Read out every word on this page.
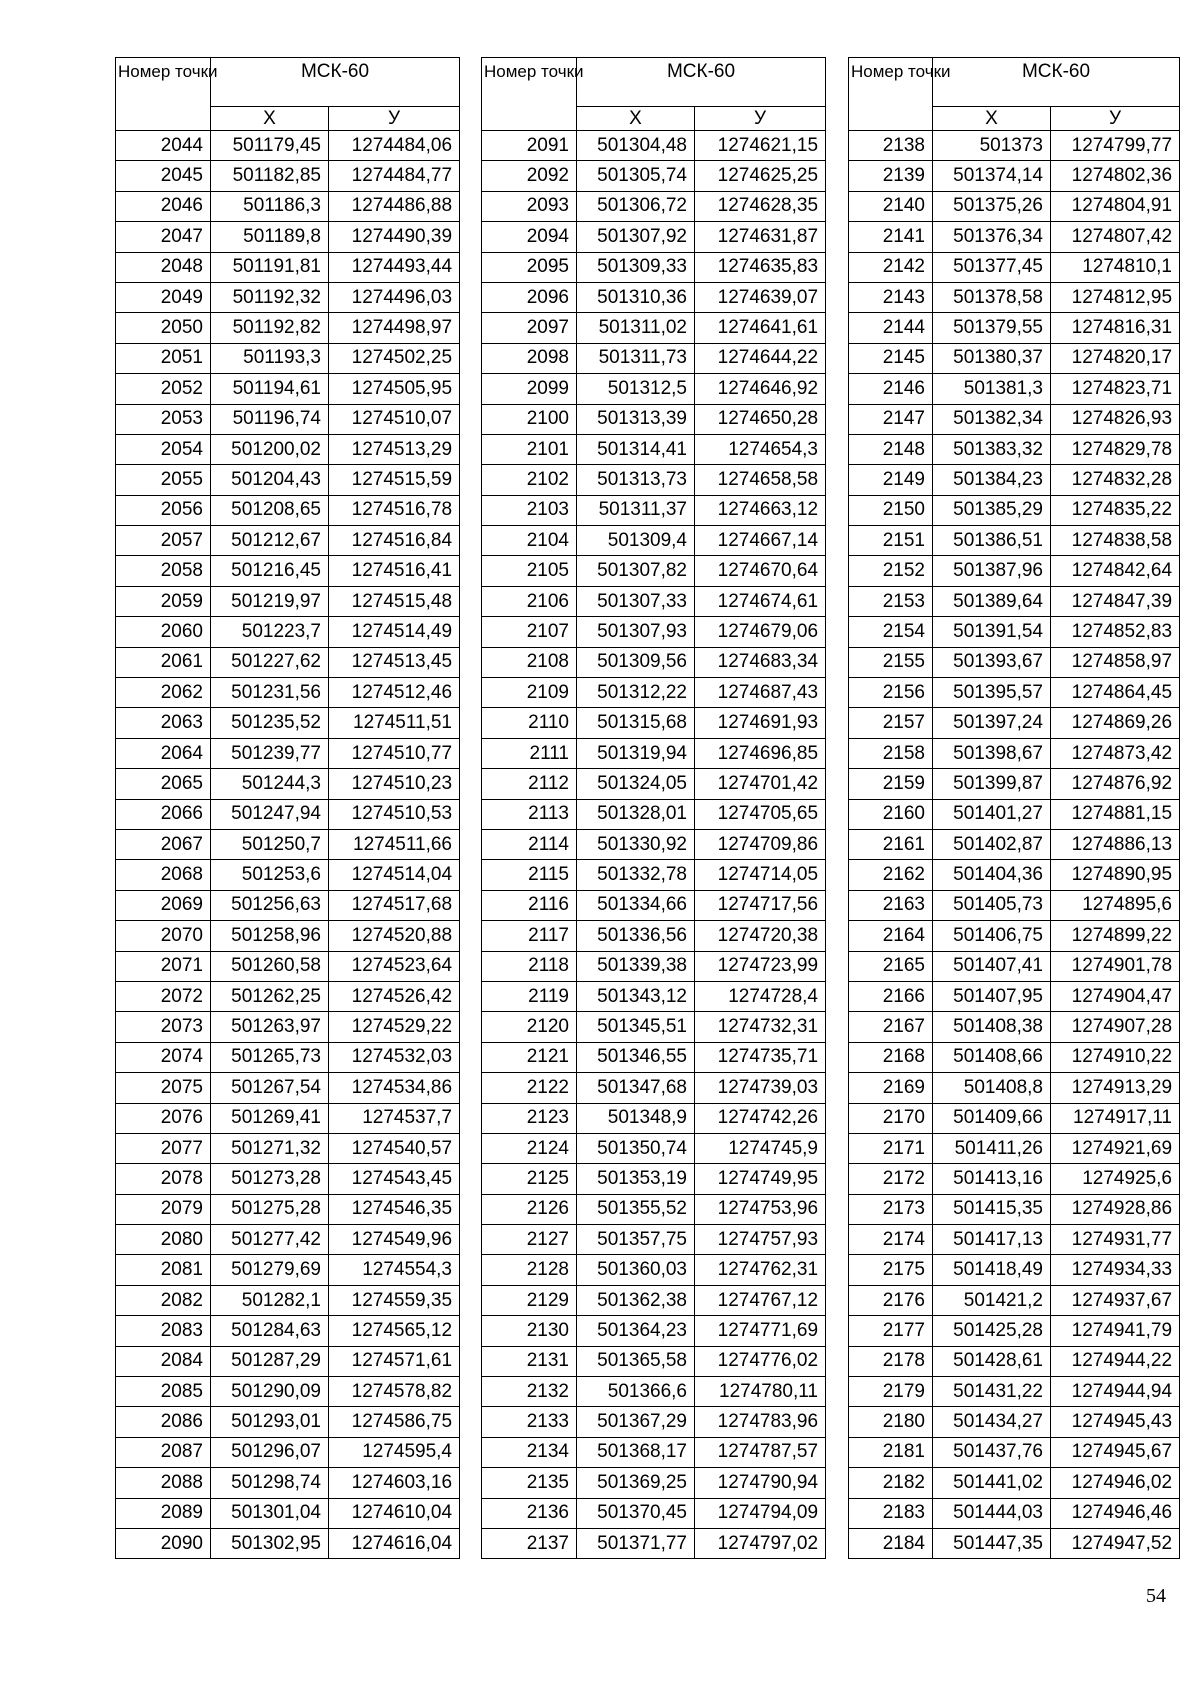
Номер точки	МСК-60	
	X	У
2044	501179,45	1274484,06
2045	501182,85	1274484,77
2046	501186,3	1274486,88
2047	501189,8	1274490,39
2048	501191,81	1274493,44
2049	501192,32	1274496,03
2050	501192,82	1274498,97
2051	501193,3	1274502,25
2052	501194,61	1274505,95
2053	501196,74	1274510,07
2054	501200,02	1274513,29
2055	501204,43	1274515,59
2056	501208,65	1274516,78
2057	501212,67	1274516,84
2058	501216,45	1274516,41
2059	501219,97	1274515,48
2060	501223,7	1274514,49
2061	501227,62	1274513,45
2062	501231,56	1274512,46
2063	501235,52	1274511,51
2064	501239,77	1274510,77
2065	501244,3	1274510,23
2066	501247,94	1274510,53
2067	501250,7	1274511,66
2068	501253,6	1274514,04
2069	501256,63	1274517,68
2070	501258,96	1274520,88
2071	501260,58	1274523,64
2072	501262,25	1274526,42
2073	501263,97	1274529,22
2074	501265,73	1274532,03
2075	501267,54	1274534,86
2076	501269,41	1274537,7
2077	501271,32	1274540,57
2078	501273,28	1274543,45
2079	501275,28	1274546,35
2080	501277,42	1274549,96
2081	501279,69	1274554,3
2082	501282,1	1274559,35
2083	501284,63	1274565,12
2084	501287,29	1274571,61
2085	501290,09	1274578,82
2086	501293,01	1274586,75
2087	501296,07	1274595,4
2088	501298,74	1274603,16
2089	501301,04	1274610,04
2090	501302,95	1274616,04
Номер точки	МСК-60	
	X	У
2091	501304,48	1274621,15
2092	501305,74	1274625,25
2093	501306,72	1274628,35
2094	501307,92	1274631,87
2095	501309,33	1274635,83
2096	501310,36	1274639,07
2097	501311,02	1274641,61
2098	501311,73	1274644,22
2099	501312,5	1274646,92
2100	501313,39	1274650,28
2101	501314,41	1274654,3
2102	501313,73	1274658,58
2103	501311,37	1274663,12
2104	501309,4	1274667,14
2105	501307,82	1274670,64
2106	501307,33	1274674,61
2107	501307,93	1274679,06
2108	501309,56	1274683,34
2109	501312,22	1274687,43
2110	501315,68	1274691,93
2111	501319,94	1274696,85
2112	501324,05	1274701,42
2113	501328,01	1274705,65
2114	501330,92	1274709,86
2115	501332,78	1274714,05
2116	501334,66	1274717,56
2117	501336,56	1274720,38
2118	501339,38	1274723,99
2119	501343,12	1274728,4
2120	501345,51	1274732,31
2121	501346,55	1274735,71
2122	501347,68	1274739,03
2123	501348,9	1274742,26
2124	501350,74	1274745,9
2125	501353,19	1274749,95
2126	501355,52	1274753,96
2127	501357,75	1274757,93
2128	501360,03	1274762,31
2129	501362,38	1274767,12
2130	501364,23	1274771,69
2131	501365,58	1274776,02
2132	501366,6	1274780,11
2133	501367,29	1274783,96
2134	501368,17	1274787,57
2135	501369,25	1274790,94
2136	501370,45	1274794,09
2137	501371,77	1274797,02
Номер точки	МСК-60	
	X	У
2138	501373	1274799,77
2139	501374,14	1274802,36
2140	501375,26	1274804,91
2141	501376,34	1274807,42
2142	501377,45	1274810,1
2143	501378,58	1274812,95
2144	501379,55	1274816,31
2145	501380,37	1274820,17
2146	501381,3	1274823,71
2147	501382,34	1274826,93
2148	501383,32	1274829,78
2149	501384,23	1274832,28
2150	501385,29	1274835,22
2151	501386,51	1274838,58
2152	501387,96	1274842,64
2153	501389,64	1274847,39
2154	501391,54	1274852,83
2155	501393,67	1274858,97
2156	501395,57	1274864,45
2157	501397,24	1274869,26
2158	501398,67	1274873,42
2159	501399,87	1274876,92
2160	501401,27	1274881,15
2161	501402,87	1274886,13
2162	501404,36	1274890,95
2163	501405,73	1274895,6
2164	501406,75	1274899,22
2165	501407,41	1274901,78
2166	501407,95	1274904,47
2167	501408,38	1274907,28
2168	501408,66	1274910,22
2169	501408,8	1274913,29
2170	501409,66	1274917,11
2171	501411,26	1274921,69
2172	501413,16	1274925,6
2173	501415,35	1274928,86
2174	501417,13	1274931,77
2175	501418,49	1274934,33
2176	501421,2	1274937,67
2177	501425,28	1274941,79
2178	501428,61	1274944,22
2179	501431,22	1274944,94
2180	501434,27	1274945,43
2181	501437,76	1274945,67
2182	501441,02	1274946,02
2183	501444,03	1274946,46
2184	501447,35	1274947,52
54
